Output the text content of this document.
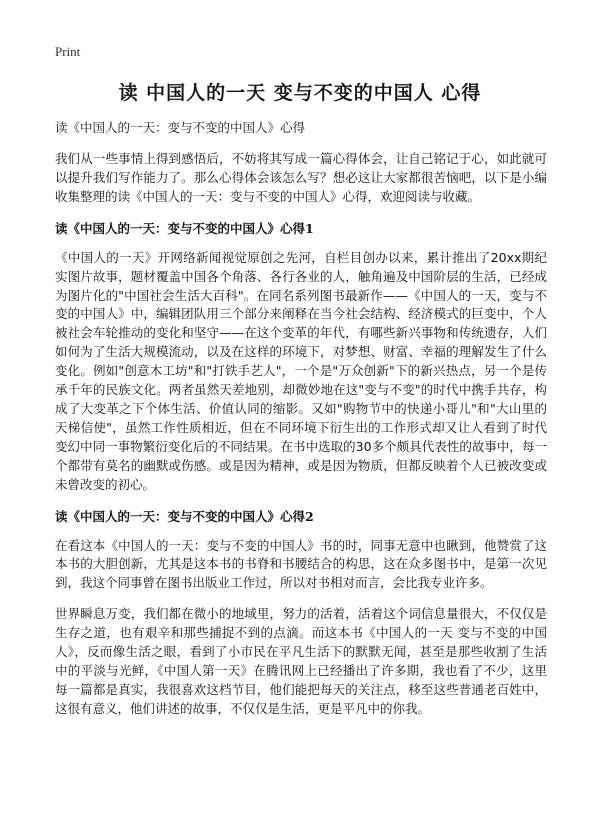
Print
读 中国人的一天 变与不变的中国人 心得

读《中国人的一天：变与不变的中国人》心得

我们从一些事情上得到感悟后，不妨将其写成一篇心得体会，让自己铭记于心，如此就可以提升我们写作能力了。那么心得体会该怎么写？想必这让大家都很苦恼吧，以下是小编收集整理的读《中国人的一天：变与不变的中国人》心得，欢迎阅读与收藏。

读《中国人的一天：变与不变的中国人》心得1

《中国人的一天》开网络新闻视觉原创之先河，自栏目创办以来，累计推出了20xx期纪实图片故事，题材覆盖中国各个角落、各行各业的人，触角遍及中国阶层的生活，已经成为图片化的"中国社会生活大百科"。在同名系列图书最新作——《中国人的一天，变与不变的中国人》中，编辑团队用三个部分来阐释在当今社会结构、经济模式的巨变中，个人被社会车轮推动的变化和坚守——在这个变革的年代，有哪些新兴事物和传统遗存，人们如何为了生活大规模流动，以及在这样的环境下，对梦想、财富、幸福的理解发生了什么变化。例如"创意木工坊"和"打铁手艺人"，一个是"万众创新"下的新兴热点，另一个是传承千年的民族文化。两者虽然天差地别，却微妙地在这"变与不变"的时代中携手共存，构成了大变革之下个体生活、价值认同的缩影。又如"购物节中的快递小哥儿"和"大山里的天梯信使"，虽然工作性质相近，但在不同环境下衍生出的工作形式却又让人看到了时代变幻中同一事物繁衍变化后的不同结果。在书中选取的30多个颇具代表性的故事中，每一个都带有莫名的幽默或伤感。或是因为精神，或是因为物质，但都反映着个人已被改变或未曾改变的初心。

读《中国人的一天：变与不变的中国人》心得2

在看这本《中国人的一天：变与不变的中国人》书的时，同事无意中也瞅到，他赞赏了这本书的大胆创新，尤其是这本书的书脊和书腰结合的构思，这在众多图书中，是第一次见到，我这个同事曾在图书出版业工作过，所以对书相对而言，会比我专业许多。

世界瞬息万变，我们都在微小的地域里，努力的活着，活着这个词信息量很大，不仅仅是生存之道，也有艰辛和那些捕捉不到的点滴。而这本书《中国人的一天 变与不变的中国人》，反而像生活之眼，看到了小市民在平凡生活下的默默无闻，甚至是那些收割了生活中的平淡与光鲜，《中国人第一天》在腾讯网上已经播出了许多期，我也看了不少，这里每一篇都是真实，我很喜欢这档节目，他们能把每天的关注点，移至这些普通老百姓中，这很有意义，他们讲述的故事，不仅仅是生活，更是平凡中的你我。
